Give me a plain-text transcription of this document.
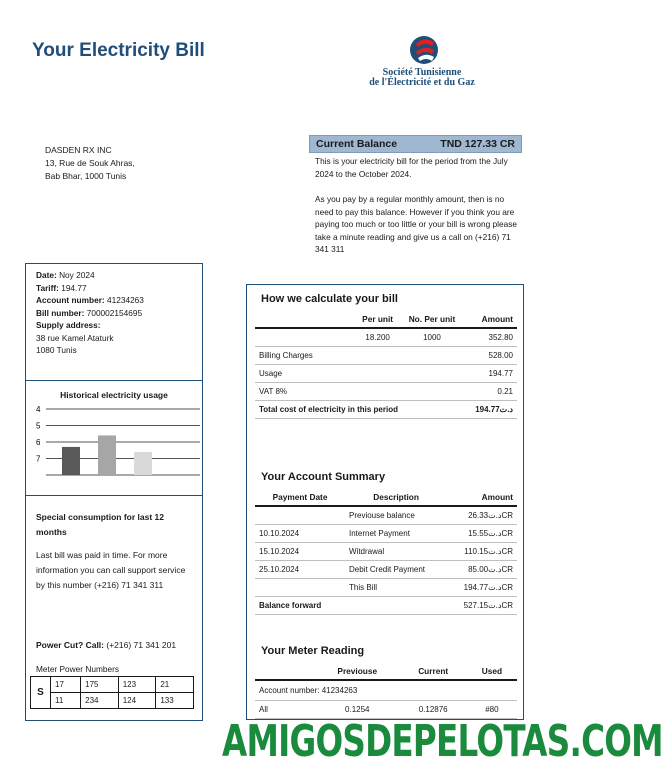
Your Electricity Bill
Société Tunisienne
de l'Électricité et du Gaz
DASDEN RX INC
13, Rue de Souk Ahras,
Bab Bhar, 1000 Tunis
Current Balance	TND 127.33 CR

This is your electricity bill for the period from the July 2024 to the October 2024.

As you pay by a regular monthly amount, then is no need to pay this balance. However if you think you are paying too much or too little or your bill is wrong please take a minute reading and give us a call on (+216) 71 341 311

Date: Noy 2024
Tariff: 194.77
Account number: 41234263
Bill number: 700002154695
Supply address:
38 rue Kamel Ataturk
1080 Tunis
Historical electricity usage
4
5
6
7
Special consumption for last 12 months
Last bill was paid in time. For more information you can call support service by this number (+216) 71 341 311
Power Cut? Call: (+216) 71 341 201
Meter Power Numbers
S	17	175	123	21
	11	234	124	133
How we calculate your bill
	Per unit	No. Per unit	Amount
	18.200	1000	352.80
Billing Charges			528.00
Usage			194.77
VAT 8%			0.21
Total cost of electricity in this period			د.ت194.77
Your Account Summary
Payment Date	Description	Amount
	Previouse balance	د.ت26.33CR
10.10.2024	Internet Payment	د.ت15.55CR
15.10.2024	Witdrawal	د.ت110.15CR
25.10.2024	Debit Credit Payment	د.ت85.00CR
	This Bill	د.ت194.77CR
Balance forward		د.ت527.15CR
Your Meter Reading
	Previouse	Current	Used
Account number: 41234263			
All	0.1254	0.12876	#80
AMIGOSDEPELOTAS.COM
